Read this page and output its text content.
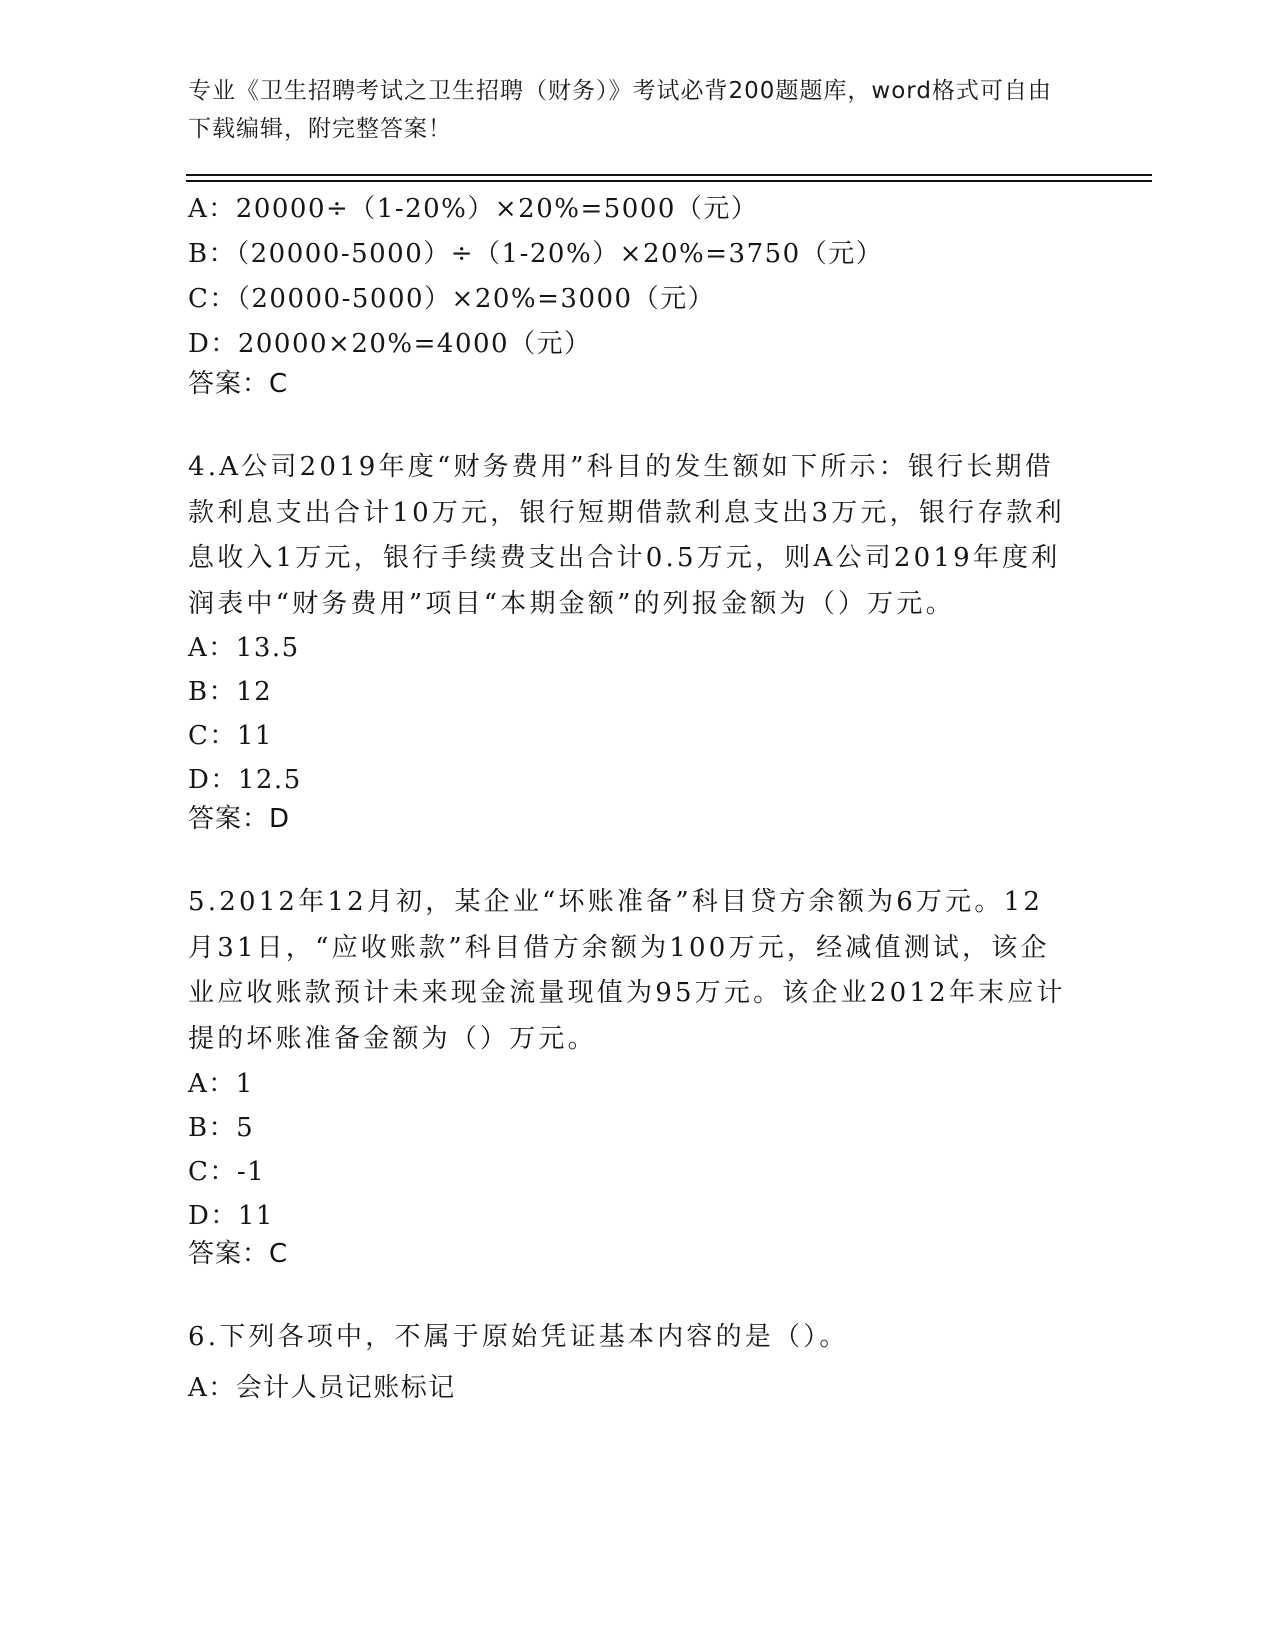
专业《卫生招聘考试之卫生招聘（财务）》考试必背200题题库，word格式可自由下载编辑，附完整答案！
A：20000÷（1-20%）×20%=5000（元）
B：（20000-5000）÷（1-20%）×20%=3750（元）
C：（20000-5000）×20%=3000（元）
D：20000×20%=4000（元）
答案：C
4.A公司2019年度“财务费用”科目的发生额如下所示：银行长期借款利息支出合计10万元，银行短期借款利息支出3万元，银行存款利息收入1万元，银行手续费支出合计0.5万元，则A公司2019年度利润表中“财务费用”项目“本期金额”的列报金额为（）万元。
A：13.5
B：12
C：11
D：12.5
答案：D
5.2012年12月初，某企业“坏账准备”科目贷方余额为6万元。12月31日，“应收账款”科目借方余额为100万元，经减值测试，该企业应收账款预计未来现金流量现值为95万元。该企业2012年末应计提的坏账准备金额为（）万元。
A：1
B：5
C：-1
D：11
答案：C
6.下列各项中，不属于原始凭证基本内容的是（）。
A：会计人员记账标记
